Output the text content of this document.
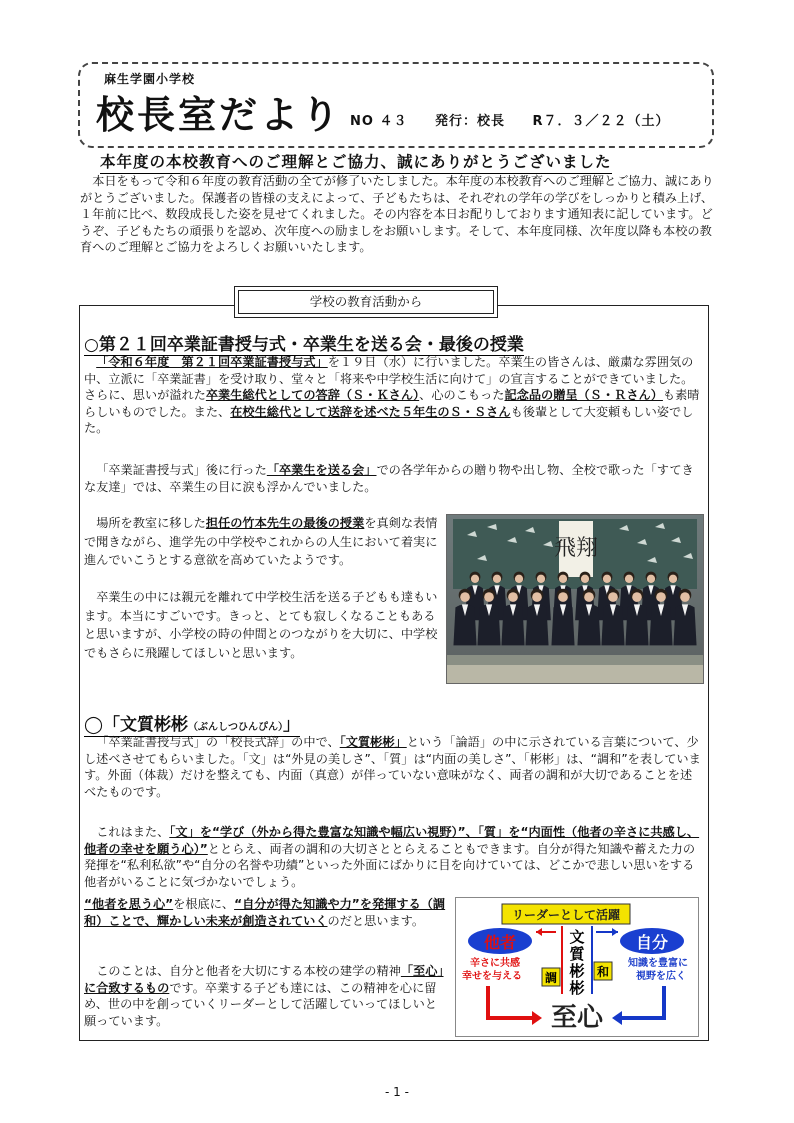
麻生学園小学校
校長室だより NO ４３ 発行：校長 R７．３／２２（土）
本年度の本校教育へのご理解とご協力、誠にありがとうございました
本日をもって令和６年度の教育活動の全てが修了いたしました。本年度の本校教育へのご理解とご協力、誠にありがとうございました。保護者の皆様の支えによって、子どもたちは、それぞれの学年の学びをしっかりと積み上げ、１年前に比べ、数段成長した姿を見せてくれました。その内容を本日お配りしております通知表に記しています。どうぞ、子どもたちの頑張りを認め、次年度への励ましをお願いします。そして、本年度同様、次年度以降も本校の教育へのご理解とご協力をよろしくお願いいたします。
学校の教育活動から
○第２１回卒業証書授与式・卒業生を送る会・最後の授業
「令和６年度　第２１回卒業証書授与式」を１９日（水）に行いました。卒業生の皆さんは、厳粛な雰囲気の中、立派に「卒業証書」を受け取り、堂々と「将来や中学校生活に向けて」の宣言することができていました。さらに、思いが溢れた卒業生総代としての答辞（Ｓ・Ｋさん）、心のこもった記念品の贈呈（Ｓ・Ｒさん）も素晴らしいものでした。また、在校生総代として送辞を述べた５年生のＳ・Ｓさんも後輩として大変頼もしい姿でした。
「卒業証書授与式」後に行った「卒業生を送る会」での各学年からの贈り物や出し物、全校で歌った「すてきな友達」では、卒業生の目に涙も浮かんでいました。
場所を教室に移した担任の竹本先生の最後の授業を真剣な表情で聞きながら、進学先の中学校やこれからの人生において着実に進んでいこうとする意欲を高めていたようです。
卒業生の中には親元を離れて中学校生活を送る子どもも達もいます。本当にすごいです。きっと、とても寂しくなることもあると思いますが、小学校の時の仲間とのつながりを大切に、中学校でもさらに飛躍してほしいと思います。
飛翔
◯「文質彬彬（ぶんしつひんぴん）」
「卒業証書授与式」の「校長式辞」の中で、「文質彬彬」という「論語」の中に示されている言葉について、少し述べさせてもらいました。「文」は“外見の美しさ”、「質」は“内面の美しさ”、「彬彬」は、“調和”を表しています。外面（体裁）だけを整えても、内面（真意）が伴っていない意味がなく、両者の調和が大切であることを述べたものです。
これはまた、「文」を“学び（外から得た豊富な知識や幅広い視野）”、「質」を“内面性（他者の辛さに共感し、他者の幸せを願う心）”ととらえ、両者の調和の大切さととらえることもできます。自分が得た知識や蓄えた力の発揮を“私利私欲”や“自分の名誉や功績”といった外面にばかりに目を向けていては、どこかで悲しい思いをする他者がいることに気づかないでしょう。
“他者を思う心”を根底に、“自分が得た知識や力”を発揮する（調和）ことで、輝かしい未来が創造されていくのだと思います。
このことは、自分と他者を大切にする本校の建学の精神「至心」に合致するものです。卒業する子ども達には、この精神を心に留め、世の中を創っていくリーダーとして活躍していってほしいと願っています。
リーダーとして活躍
他者	自分
辛さに共感
幸せを与える
知識を豊富に
視野を広く
文
質
彬
彬
調	和
至心
- 1 -
